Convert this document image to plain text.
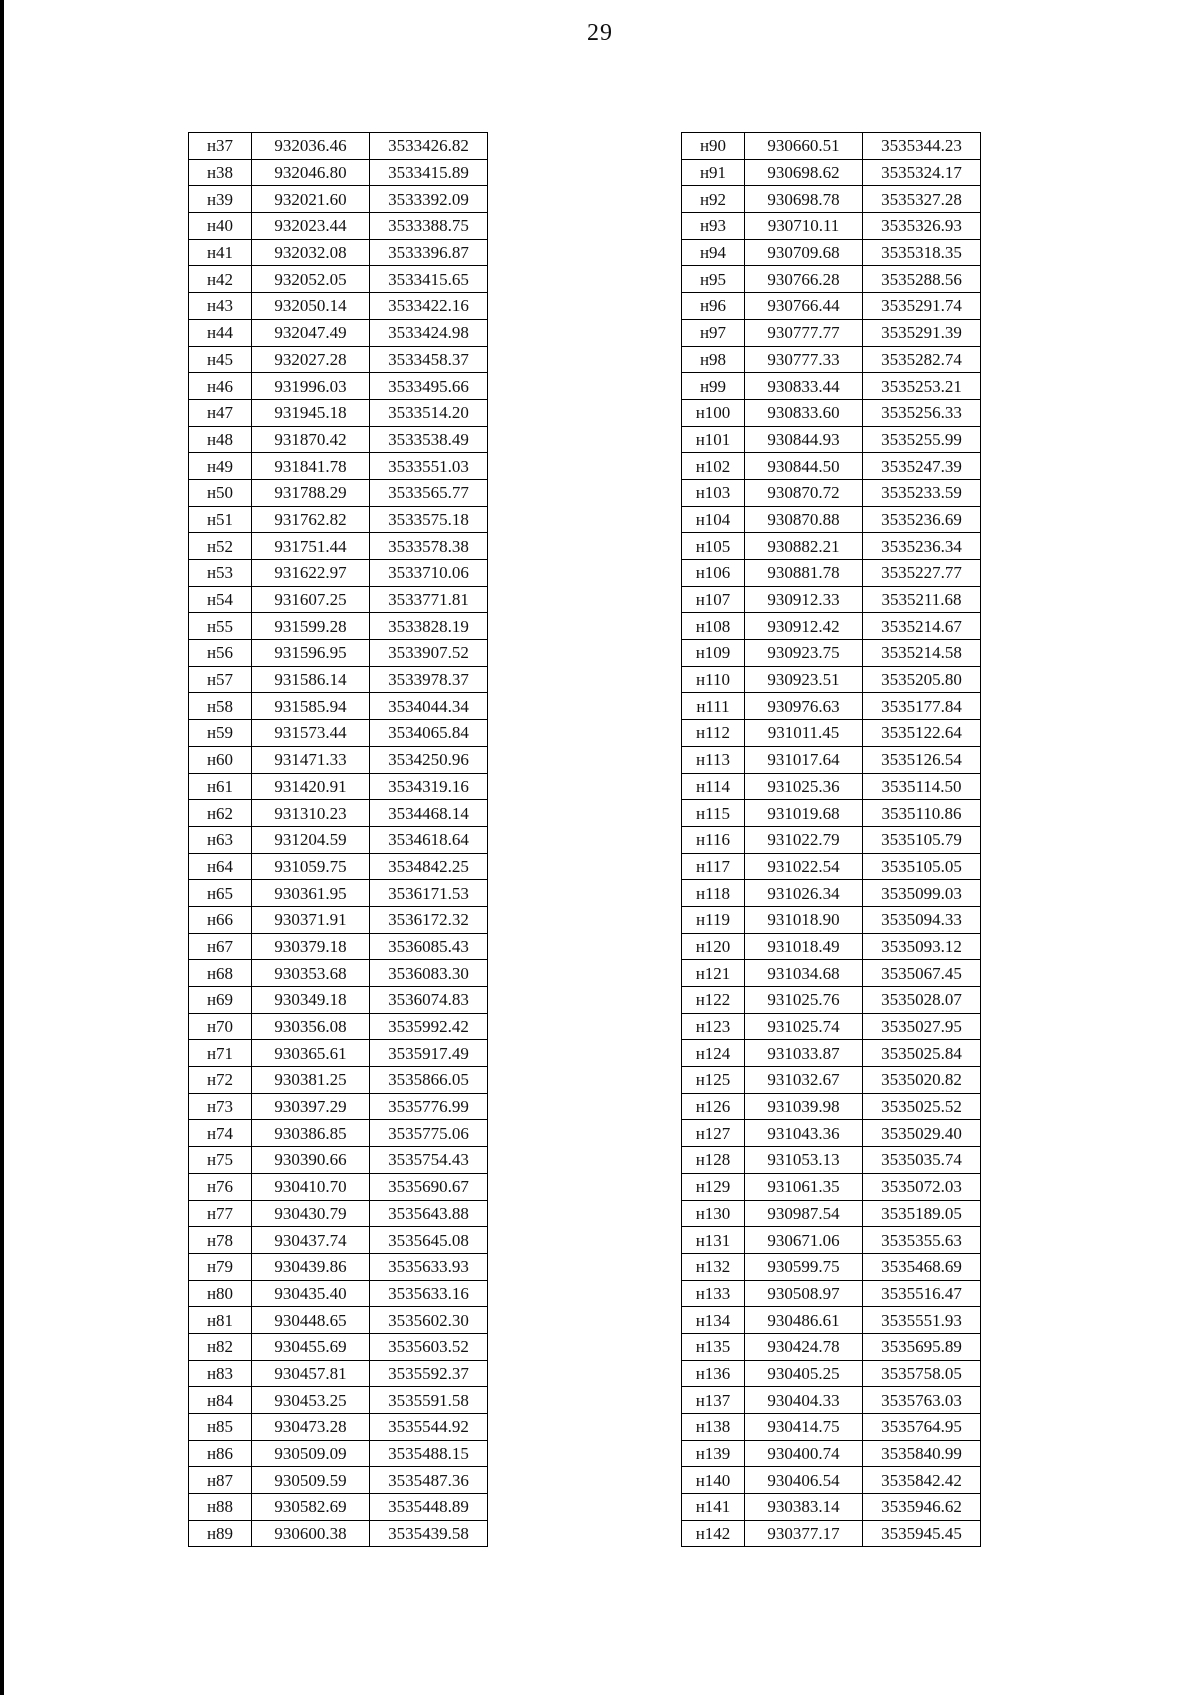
29
н37	932036.46	3533426.82
н38	932046.80	3533415.89
н39	932021.60	3533392.09
н40	932023.44	3533388.75
н41	932032.08	3533396.87
н42	932052.05	3533415.65
н43	932050.14	3533422.16
н44	932047.49	3533424.98
н45	932027.28	3533458.37
н46	931996.03	3533495.66
н47	931945.18	3533514.20
н48	931870.42	3533538.49
н49	931841.78	3533551.03
н50	931788.29	3533565.77
н51	931762.82	3533575.18
н52	931751.44	3533578.38
н53	931622.97	3533710.06
н54	931607.25	3533771.81
н55	931599.28	3533828.19
н56	931596.95	3533907.52
н57	931586.14	3533978.37
н58	931585.94	3534044.34
н59	931573.44	3534065.84
н60	931471.33	3534250.96
н61	931420.91	3534319.16
н62	931310.23	3534468.14
н63	931204.59	3534618.64
н64	931059.75	3534842.25
н65	930361.95	3536171.53
н66	930371.91	3536172.32
н67	930379.18	3536085.43
н68	930353.68	3536083.30
н69	930349.18	3536074.83
н70	930356.08	3535992.42
н71	930365.61	3535917.49
н72	930381.25	3535866.05
н73	930397.29	3535776.99
н74	930386.85	3535775.06
н75	930390.66	3535754.43
н76	930410.70	3535690.67
н77	930430.79	3535643.88
н78	930437.74	3535645.08
н79	930439.86	3535633.93
н80	930435.40	3535633.16
н81	930448.65	3535602.30
н82	930455.69	3535603.52
н83	930457.81	3535592.37
н84	930453.25	3535591.58
н85	930473.28	3535544.92
н86	930509.09	3535488.15
н87	930509.59	3535487.36
н88	930582.69	3535448.89
н89	930600.38	3535439.58
н90	930660.51	3535344.23
н91	930698.62	3535324.17
н92	930698.78	3535327.28
н93	930710.11	3535326.93
н94	930709.68	3535318.35
н95	930766.28	3535288.56
н96	930766.44	3535291.74
н97	930777.77	3535291.39
н98	930777.33	3535282.74
н99	930833.44	3535253.21
н100	930833.60	3535256.33
н101	930844.93	3535255.99
н102	930844.50	3535247.39
н103	930870.72	3535233.59
н104	930870.88	3535236.69
н105	930882.21	3535236.34
н106	930881.78	3535227.77
н107	930912.33	3535211.68
н108	930912.42	3535214.67
н109	930923.75	3535214.58
н110	930923.51	3535205.80
н111	930976.63	3535177.84
н112	931011.45	3535122.64
н113	931017.64	3535126.54
н114	931025.36	3535114.50
н115	931019.68	3535110.86
н116	931022.79	3535105.79
н117	931022.54	3535105.05
н118	931026.34	3535099.03
н119	931018.90	3535094.33
н120	931018.49	3535093.12
н121	931034.68	3535067.45
н122	931025.76	3535028.07
н123	931025.74	3535027.95
н124	931033.87	3535025.84
н125	931032.67	3535020.82
н126	931039.98	3535025.52
н127	931043.36	3535029.40
н128	931053.13	3535035.74
н129	931061.35	3535072.03
н130	930987.54	3535189.05
н131	930671.06	3535355.63
н132	930599.75	3535468.69
н133	930508.97	3535516.47
н134	930486.61	3535551.93
н135	930424.78	3535695.89
н136	930405.25	3535758.05
н137	930404.33	3535763.03
н138	930414.75	3535764.95
н139	930400.74	3535840.99
н140	930406.54	3535842.42
н141	930383.14	3535946.62
н142	930377.17	3535945.45
